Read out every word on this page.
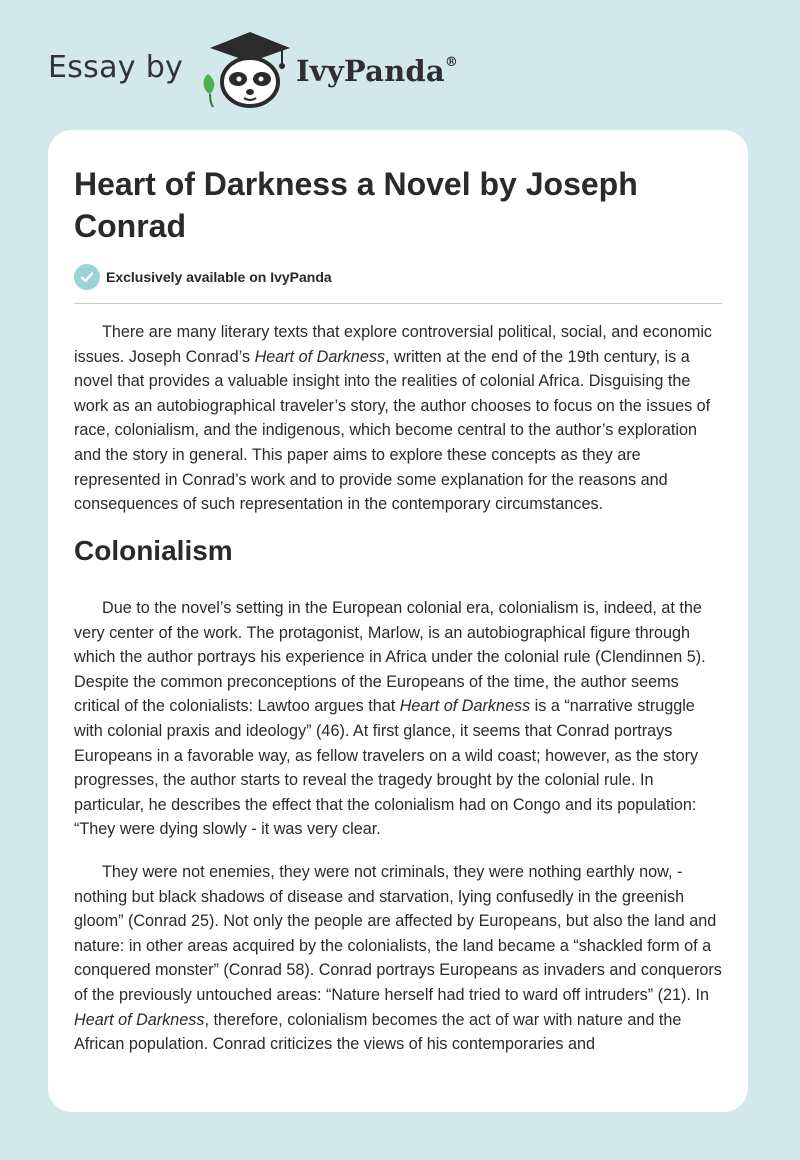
Essay by	IvyPanda®
Heart of Darkness a Novel by Joseph Conrad
Exclusively available on IvyPanda

There are many literary texts that explore controversial political, social, and economic issues. Joseph Conrad’s Heart of Darkness, written at the end of the 19th century, is a novel that provides a valuable insight into the realities of colonial Africa. Disguising the work as an autobiographical traveler’s story, the author chooses to focus on the issues of race, colonialism, and the indigenous, which become central to the author’s exploration and the story in general. This paper aims to explore these concepts as they are represented in Conrad’s work and to provide some explanation for the reasons and consequences of such representation in the contemporary circumstances.

Colonialism

Due to the novel’s setting in the European colonial era, colonialism is, indeed, at the very center of the work. The protagonist, Marlow, is an autobiographical figure through which the author portrays his experience in Africa under the colonial rule (Clendinnen 5). Despite the common preconceptions of the Europeans of the time, the author seems critical of the colonialists: Lawtoo argues that Heart of Darkness is a “narrative struggle with colonial praxis and ideology” (46). At first glance, it seems that Conrad portrays Europeans in a favorable way, as fellow travelers on a wild coast; however, as the story progresses, the author starts to reveal the tragedy brought by the colonial rule. In particular, he describes the effect that the colonialism had on Congo and its population: “They were dying slowly - it was very clear.

They were not enemies, they were not criminals, they were nothing earthly now, - nothing but black shadows of disease and starvation, lying confusedly in the greenish gloom” (Conrad 25). Not only the people are affected by Europeans, but also the land and nature: in other areas acquired by the colonialists, the land became a “shackled form of a conquered monster” (Conrad 58). Conrad portrays Europeans as invaders and conquerors of the previously untouched areas: “Nature herself had tried to ward off intruders” (21). In Heart of Darkness, therefore, colonialism becomes the act of war with nature and the African population. Conrad criticizes the views of his contemporaries and
